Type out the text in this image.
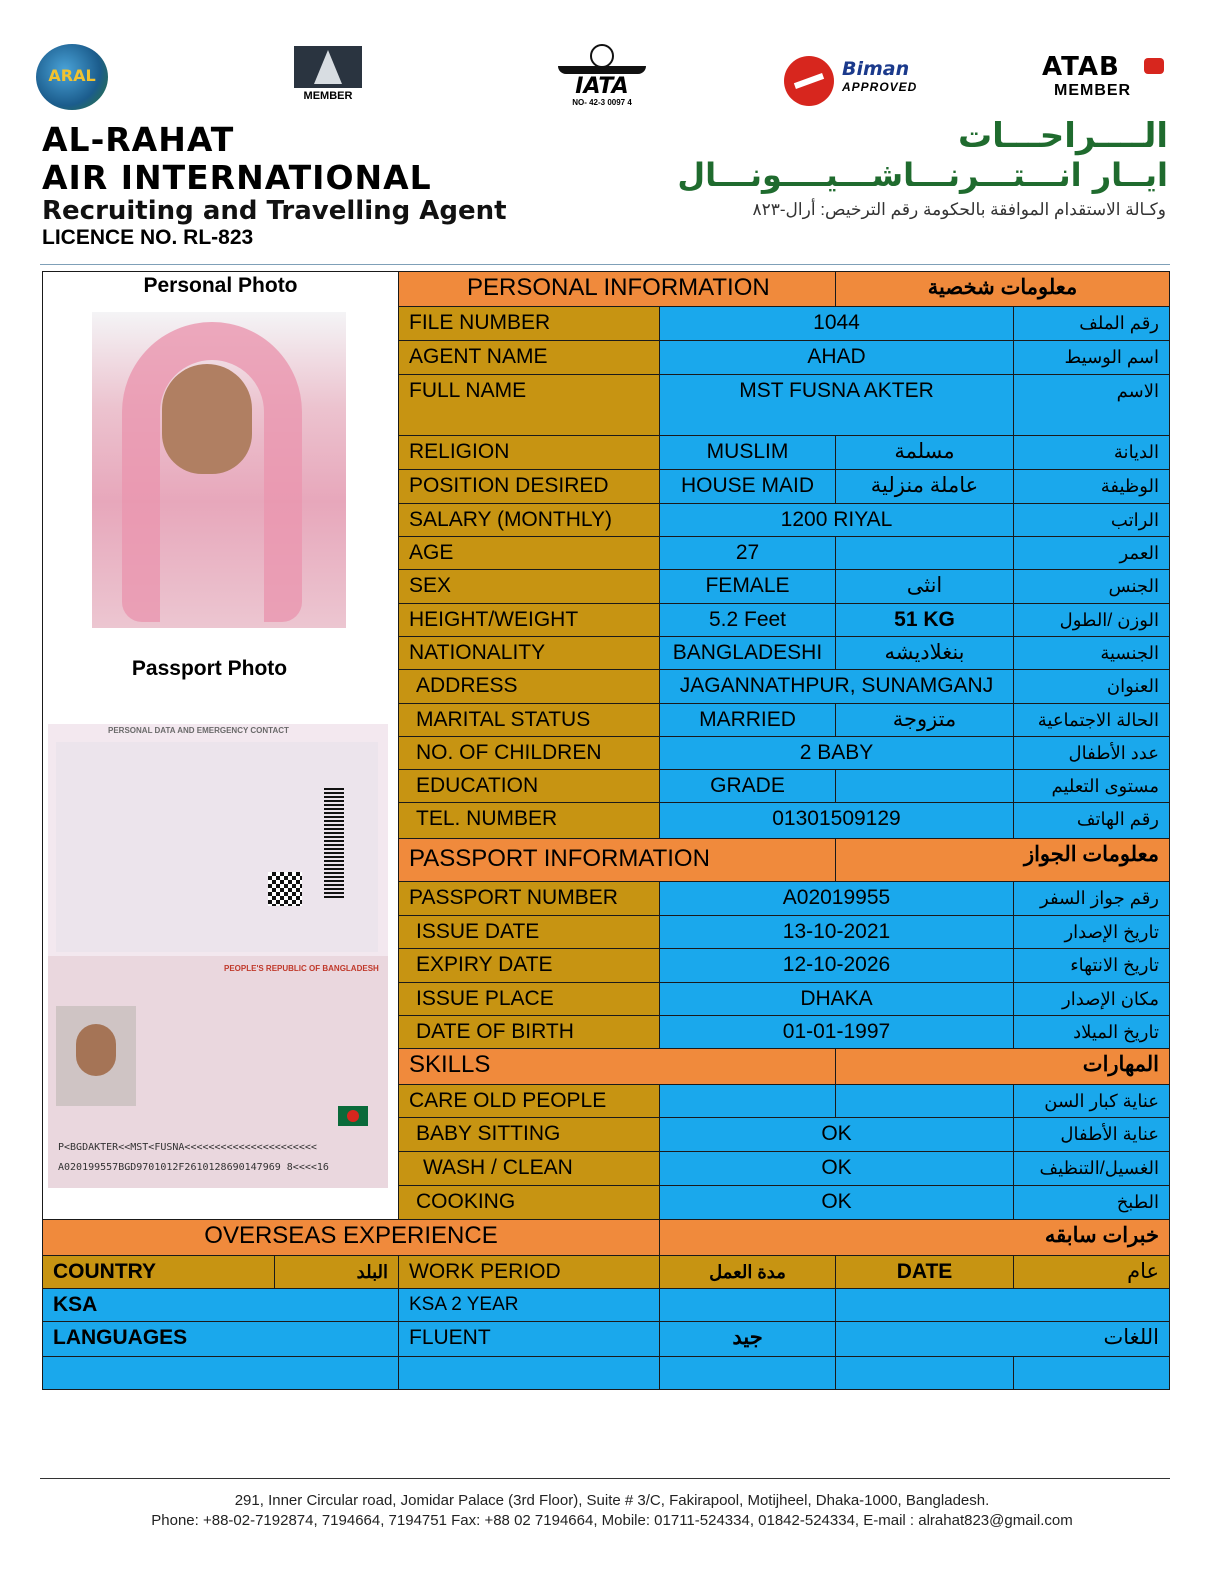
ARAL
MEMBER	IATA
NO- 42-3 0097 4
Biman
APPROVED
ATAB
MEMBER
AL-RAHAT
AIR INTERNATIONAL
Recruiting and Travelling Agent
LICENCE NO. RL-823
الــــراحـــات
ايــار انـــتـــرنـــاشـــيــــونـــال
وكـالة الاستقدام الموافقة بالحكومة رقم الترخيص: أرال-٨٢٣
Personal Photo
Passport Photo
PERSONAL DATA AND EMERGENCY CONTACT
PEOPLE'S REPUBLIC OF BANGLADESH
P<BGDAKTER<<MST<FUSNA<<<<<<<<<<<<<<<<<<<<<<
A020199557BGD9701012F2610128690147969 8<<<<16
PERSONAL INFORMATION	معلومات شخصية
FILE NUMBER	1044	رقم الملف
AGENT NAME	AHAD	اسم الوسيط
FULL NAME	MST FUSNA AKTER	الاسم
RELIGION	MUSLIM	مسلمة	الديانة
POSITION DESIRED	HOUSE MAID	عاملة منزلية	الوظيفة
SALARY (MONTHLY)	1200 RIYAL	الراتب
AGE	27	العمر
SEX	FEMALE	انثى	الجنس
HEIGHT/WEIGHT	5.2 Feet	51 KG	الوزن /الطول
NATIONALITY	BANGLADESHI	بنغلاديشه	الجنسية
ADDRESS	JAGANNATHPUR, SUNAMGANJ	العنوان
MARITAL STATUS	MARRIED	متزوجة	الحالة الاجتماعية
NO. OF CHILDREN	2 BABY	عدد الأطفال
EDUCATION	GRADE	مستوى التعليم
TEL. NUMBER	01301509129	رقم الهاتف
PASSPORT INFORMATION	معلومات الجواز
PASSPORT NUMBER	A02019955	رقم جواز السفر
ISSUE DATE	13-10-2021	تاريخ الإصدار
EXPIRY DATE	12-10-2026	تاريخ الانتهاء
ISSUE PLACE	DHAKA	مكان الإصدار
DATE OF BIRTH	01-01-1997	تاريخ الميلاد
SKILLS	المهارات
CARE OLD PEOPLE	عناية كبار السن
BABY SITTING	OK	عناية الأطفال
WASH / CLEAN	OK	الغسيل/التنظيف
COOKING	OK	الطبخ
OVERSEAS EXPERIENCE	خبرات سابقه
COUNTRY	البلد	WORK PERIOD	مدة العمل	DATE	عام
KSA	KSA 2 YEAR
LANGUAGES	FLUENT	جيد	اللغات
291, Inner Circular road, Jomidar Palace (3rd Floor), Suite # 3/C, Fakirapool, Motijheel, Dhaka-1000, Bangladesh.
Phone: +88-02-7192874, 7194664, 7194751 Fax: +88 02 7194664, Mobile: 01711-524334, 01842-524334, E-mail : alrahat823@gmail.com
